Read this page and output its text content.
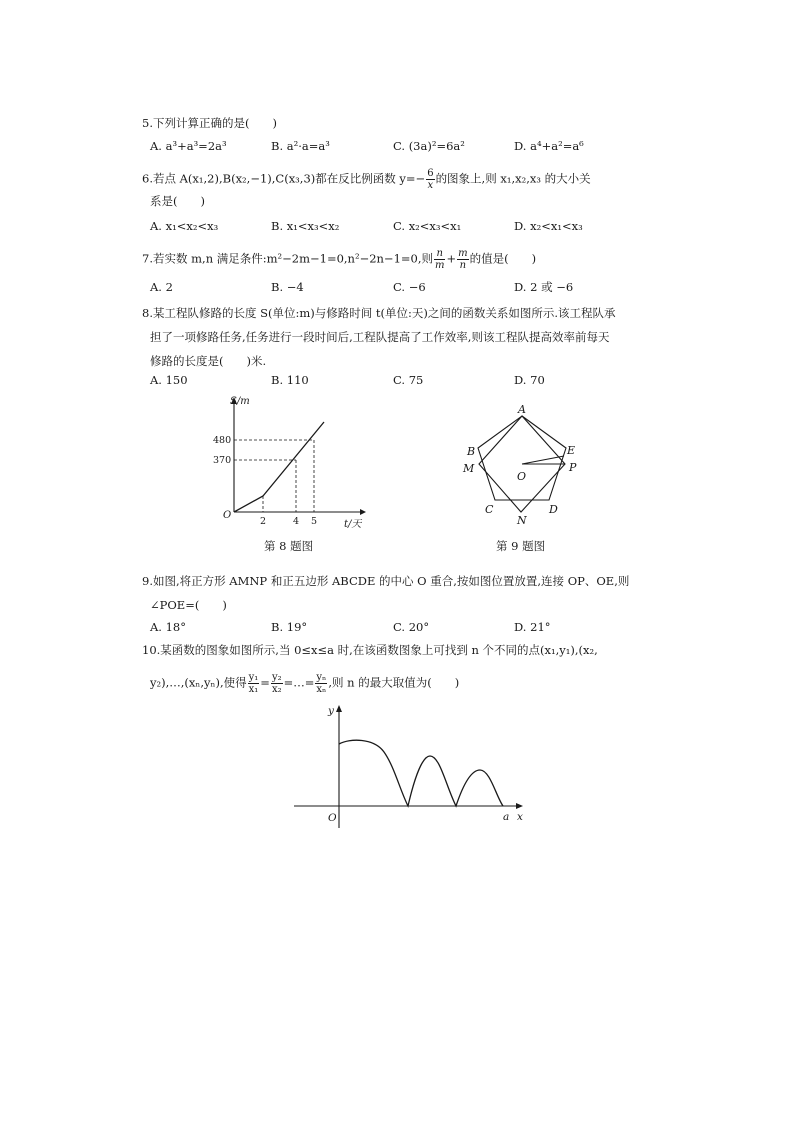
5.下列计算正确的是(　　)
A. a³+a³=2a³	B. a²·a=a³	C. (3a)²=6a²	D. a⁴+a²=a⁶
6.若点 A(x₁,2),B(x₂,−1),C(x₃,3)都在反比例函数 $y=- \frac{6}{x}$ 的图象上,则 x₁,x₂,x₃ 的大小关
系是(　　)
A. x₁<x₂<x₃	B. x₁<x₃<x₂	C. x₂<x₃<x₁	D. x₂<x₁<x₃
7.若实数 m,n 满足条件:m²−2m−1=0,n²−2n−1=0,则 $\frac{n}{m} + \frac{m}{n}$ 的值是(　　)
A. 2	B. −4	C. −6	D. 2 或 −6
8.某工程队修路的长度 S(单位:m)与修路时间 t(单位:天)之间的函数关系如图所示.该工程队承
担了一项修路任务,任务进行一段时间后,工程队提高了工作效率,则该工程队提高效率前每天
修路的长度是(　　)米.
A. 150	B. 110	C. 75	D. 70
S/m
t/天
O
480
370
2	4 5
第 8 题图
A
B
M
E
P
O
C
N
D
第 9 题图
9.如图,将正方形 AMNP 和正五边形 ABCDE 的中心 O 重合,按如图位置放置,连接 OP、OE,则
∠POE=(　　)
A. 18°	B. 19°	C. 20°	D. 21°
10.某函数的图象如图所示,当 0≤x≤a 时,在该函数图象上可找到 n 个不同的点(x₁,y₁),(x₂,
y₂),…,(xₙ,yₙ),使得 $\frac{\text{y₁}}{\text{x₁}} = \frac{\text{y₂}}{\text{x₂}}$ =…= $\frac{\text{yₙ}}{\text{xₙ}}$ ,则 n 的最大取值为(　　)
y
x
O	a
